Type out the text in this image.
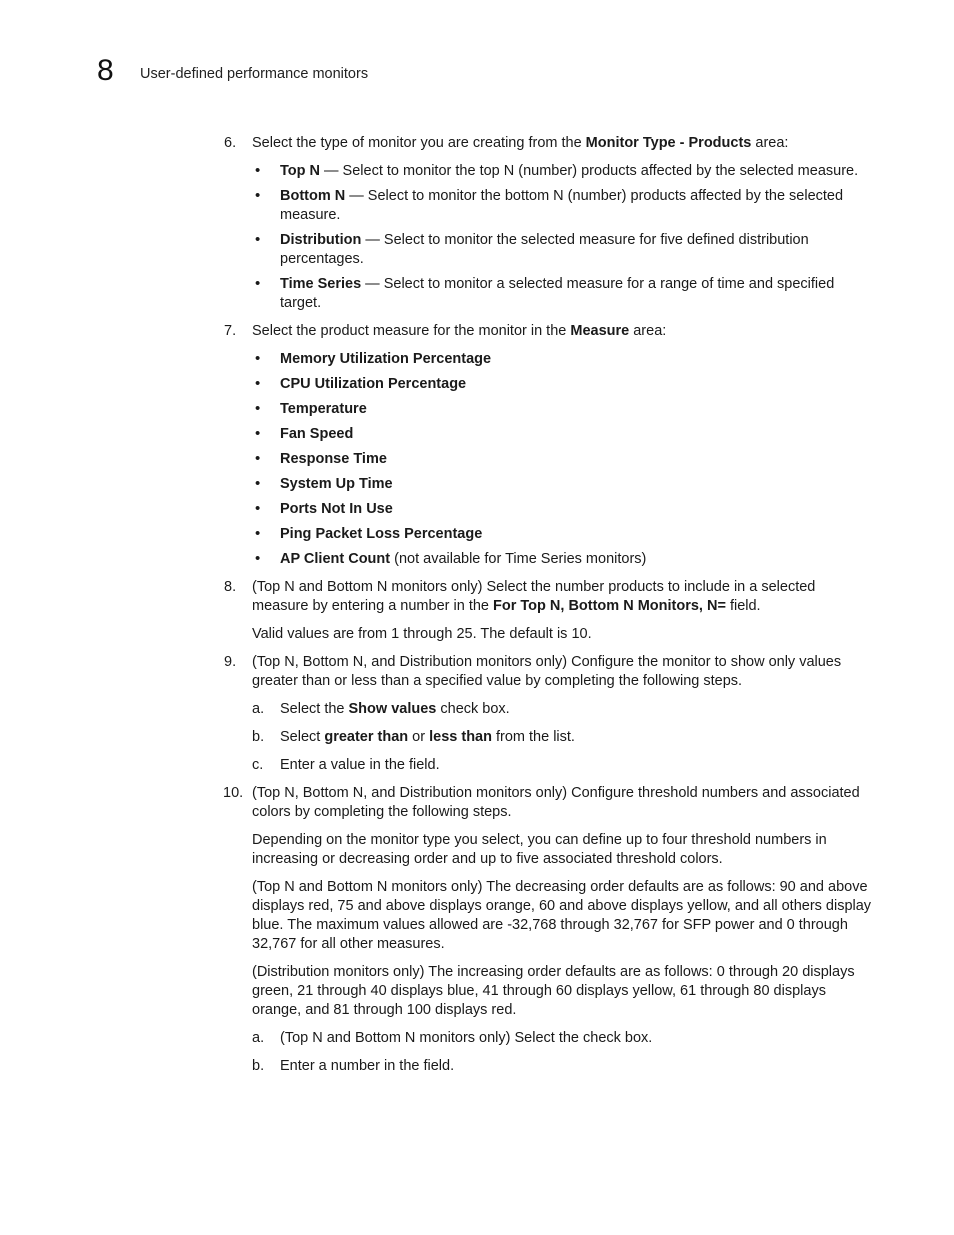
8 User-defined performance monitors
6. Select the type of monitor you are creating from the Monitor Type - Products area:
• Top N — Select to monitor the top N (number) products affected by the selected measure.
• Bottom N — Select to monitor the bottom N (number) products affected by the selected measure.
• Distribution — Select to monitor the selected measure for five defined distribution percentages.
• Time Series — Select to monitor a selected measure for a range of time and specified target.
7. Select the product measure for the monitor in the Measure area:
• Memory Utilization Percentage
• CPU Utilization Percentage
• Temperature
• Fan Speed
• Response Time
• System Up Time
• Ports Not In Use
• Ping Packet Loss Percentage
• AP Client Count (not available for Time Series monitors)
8. (Top N and Bottom N monitors only) Select the number products to include in a selected measure by entering a number in the For Top N, Bottom N Monitors, N= field.
Valid values are from 1 through 25. The default is 10.
9. (Top N, Bottom N, and Distribution monitors only) Configure the monitor to show only values greater than or less than a specified value by completing the following steps.
a. Select the Show values check box.
b. Select greater than or less than from the list.
c. Enter a value in the field.
10. (Top N, Bottom N, and Distribution monitors only) Configure threshold numbers and associated colors by completing the following steps.
Depending on the monitor type you select, you can define up to four threshold numbers in increasing or decreasing order and up to five associated threshold colors.
(Top N and Bottom N monitors only) The decreasing order defaults are as follows: 90 and above displays red, 75 and above displays orange, 60 and above displays yellow, and all others display blue. The maximum values allowed are -32,768 through 32,767 for SFP power and 0 through 32,767 for all other measures.
(Distribution monitors only) The increasing order defaults are as follows: 0 through 20 displays green, 21 through 40 displays blue, 41 through 60 displays yellow, 61 through 80 displays orange, and 81 through 100 displays red.
a. (Top N and Bottom N monitors only) Select the check box.
b. Enter a number in the field.
